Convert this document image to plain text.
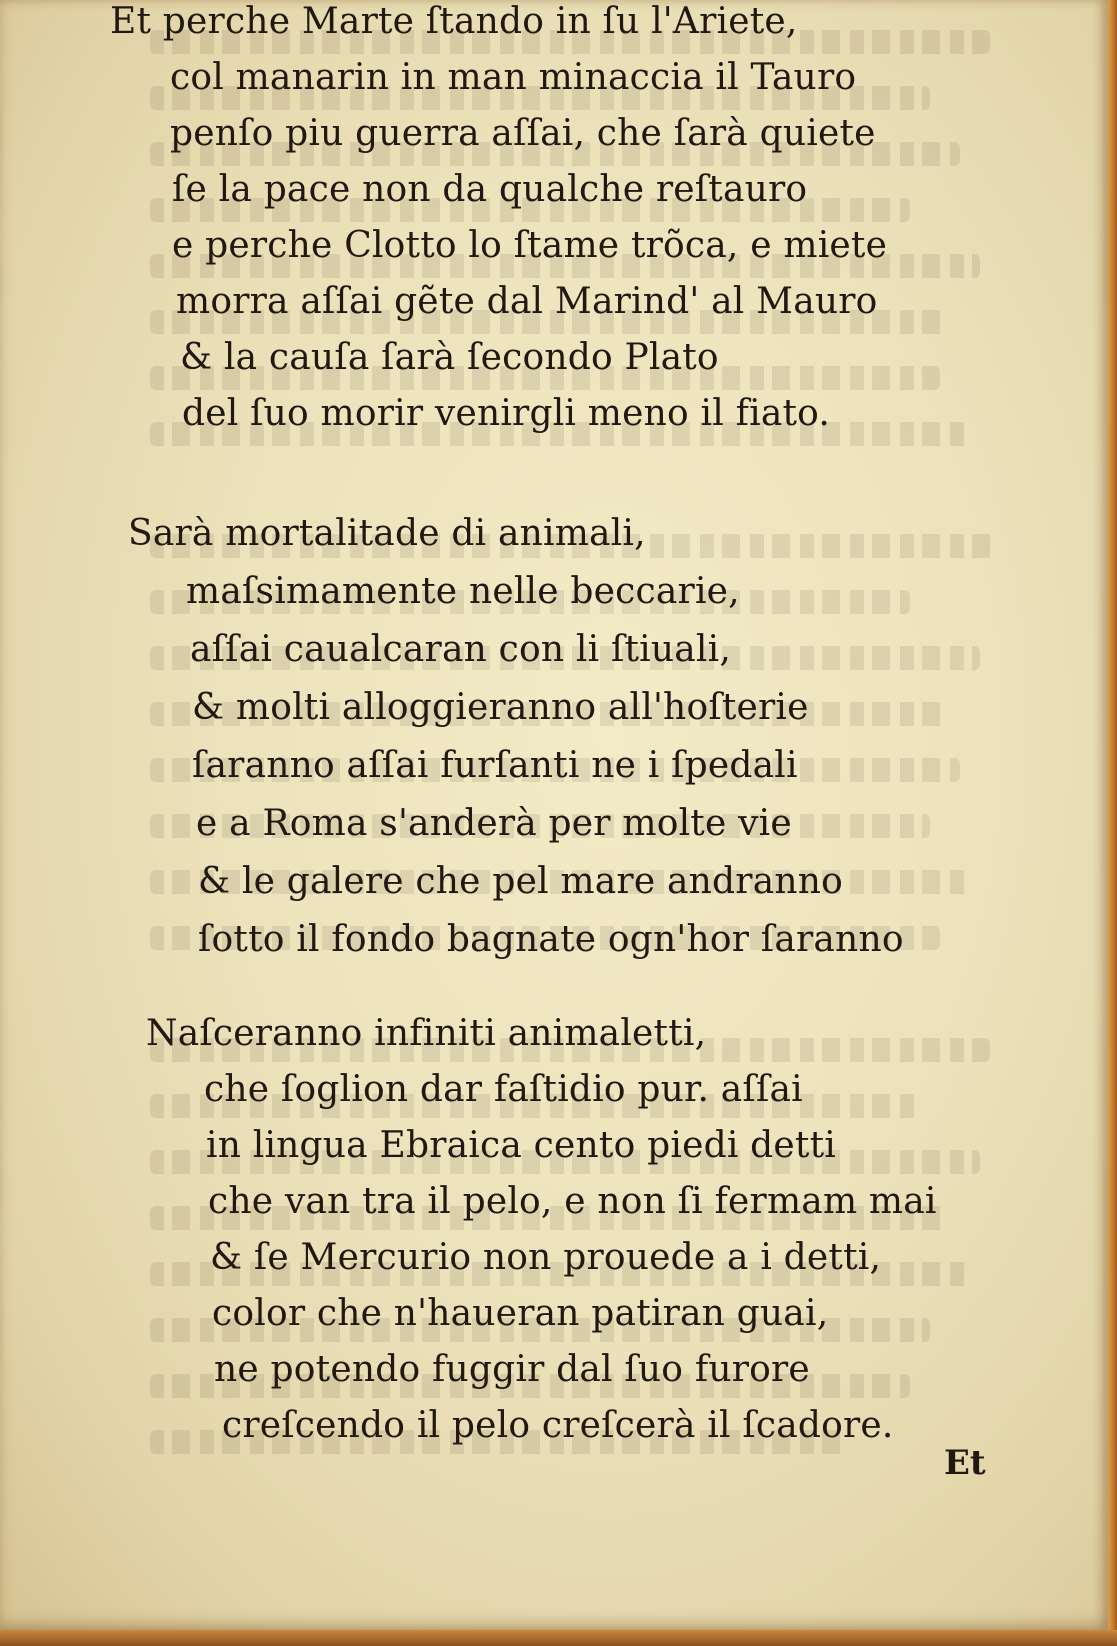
Et perche Marte ſtando in ſu l'Ariete,
col manarin in man minaccia il Tauro
penſo piu guerra aſſai, che ſarà quiete
ſe la pace non da qualche reſtauro
e perche Clotto lo ſtame trõca, e miete
morra aſſai gẽte dal Marind' al Mauro
& la cauſa ſarà ſecondo Plato
del ſuo morir venirgli meno il fiato.
Sarà mortalitade di animali,
maſsimamente nelle beccarie,
aſſai caualcaran con li ſtiuali,
& molti alloggieranno all'hoſterie
ſaranno aſſai furſanti ne i ſpedali
e a Roma s'anderà per molte vie
& le galere che pel mare andranno
ſotto il fondo bagnate ogn'hor ſaranno
Naſceranno infiniti animaletti,
che ſoglion dar faſtidio pur. aſſai
in lingua Ebraica cento piedi detti
che van tra il pelo, e non ſi fermam mai
& ſe Mercurio non prouede a i detti,
color che n'haueran patiran guai,
ne potendo fuggir dal ſuo furore
creſcendo il pelo creſcerà il ſcadore.
Et
